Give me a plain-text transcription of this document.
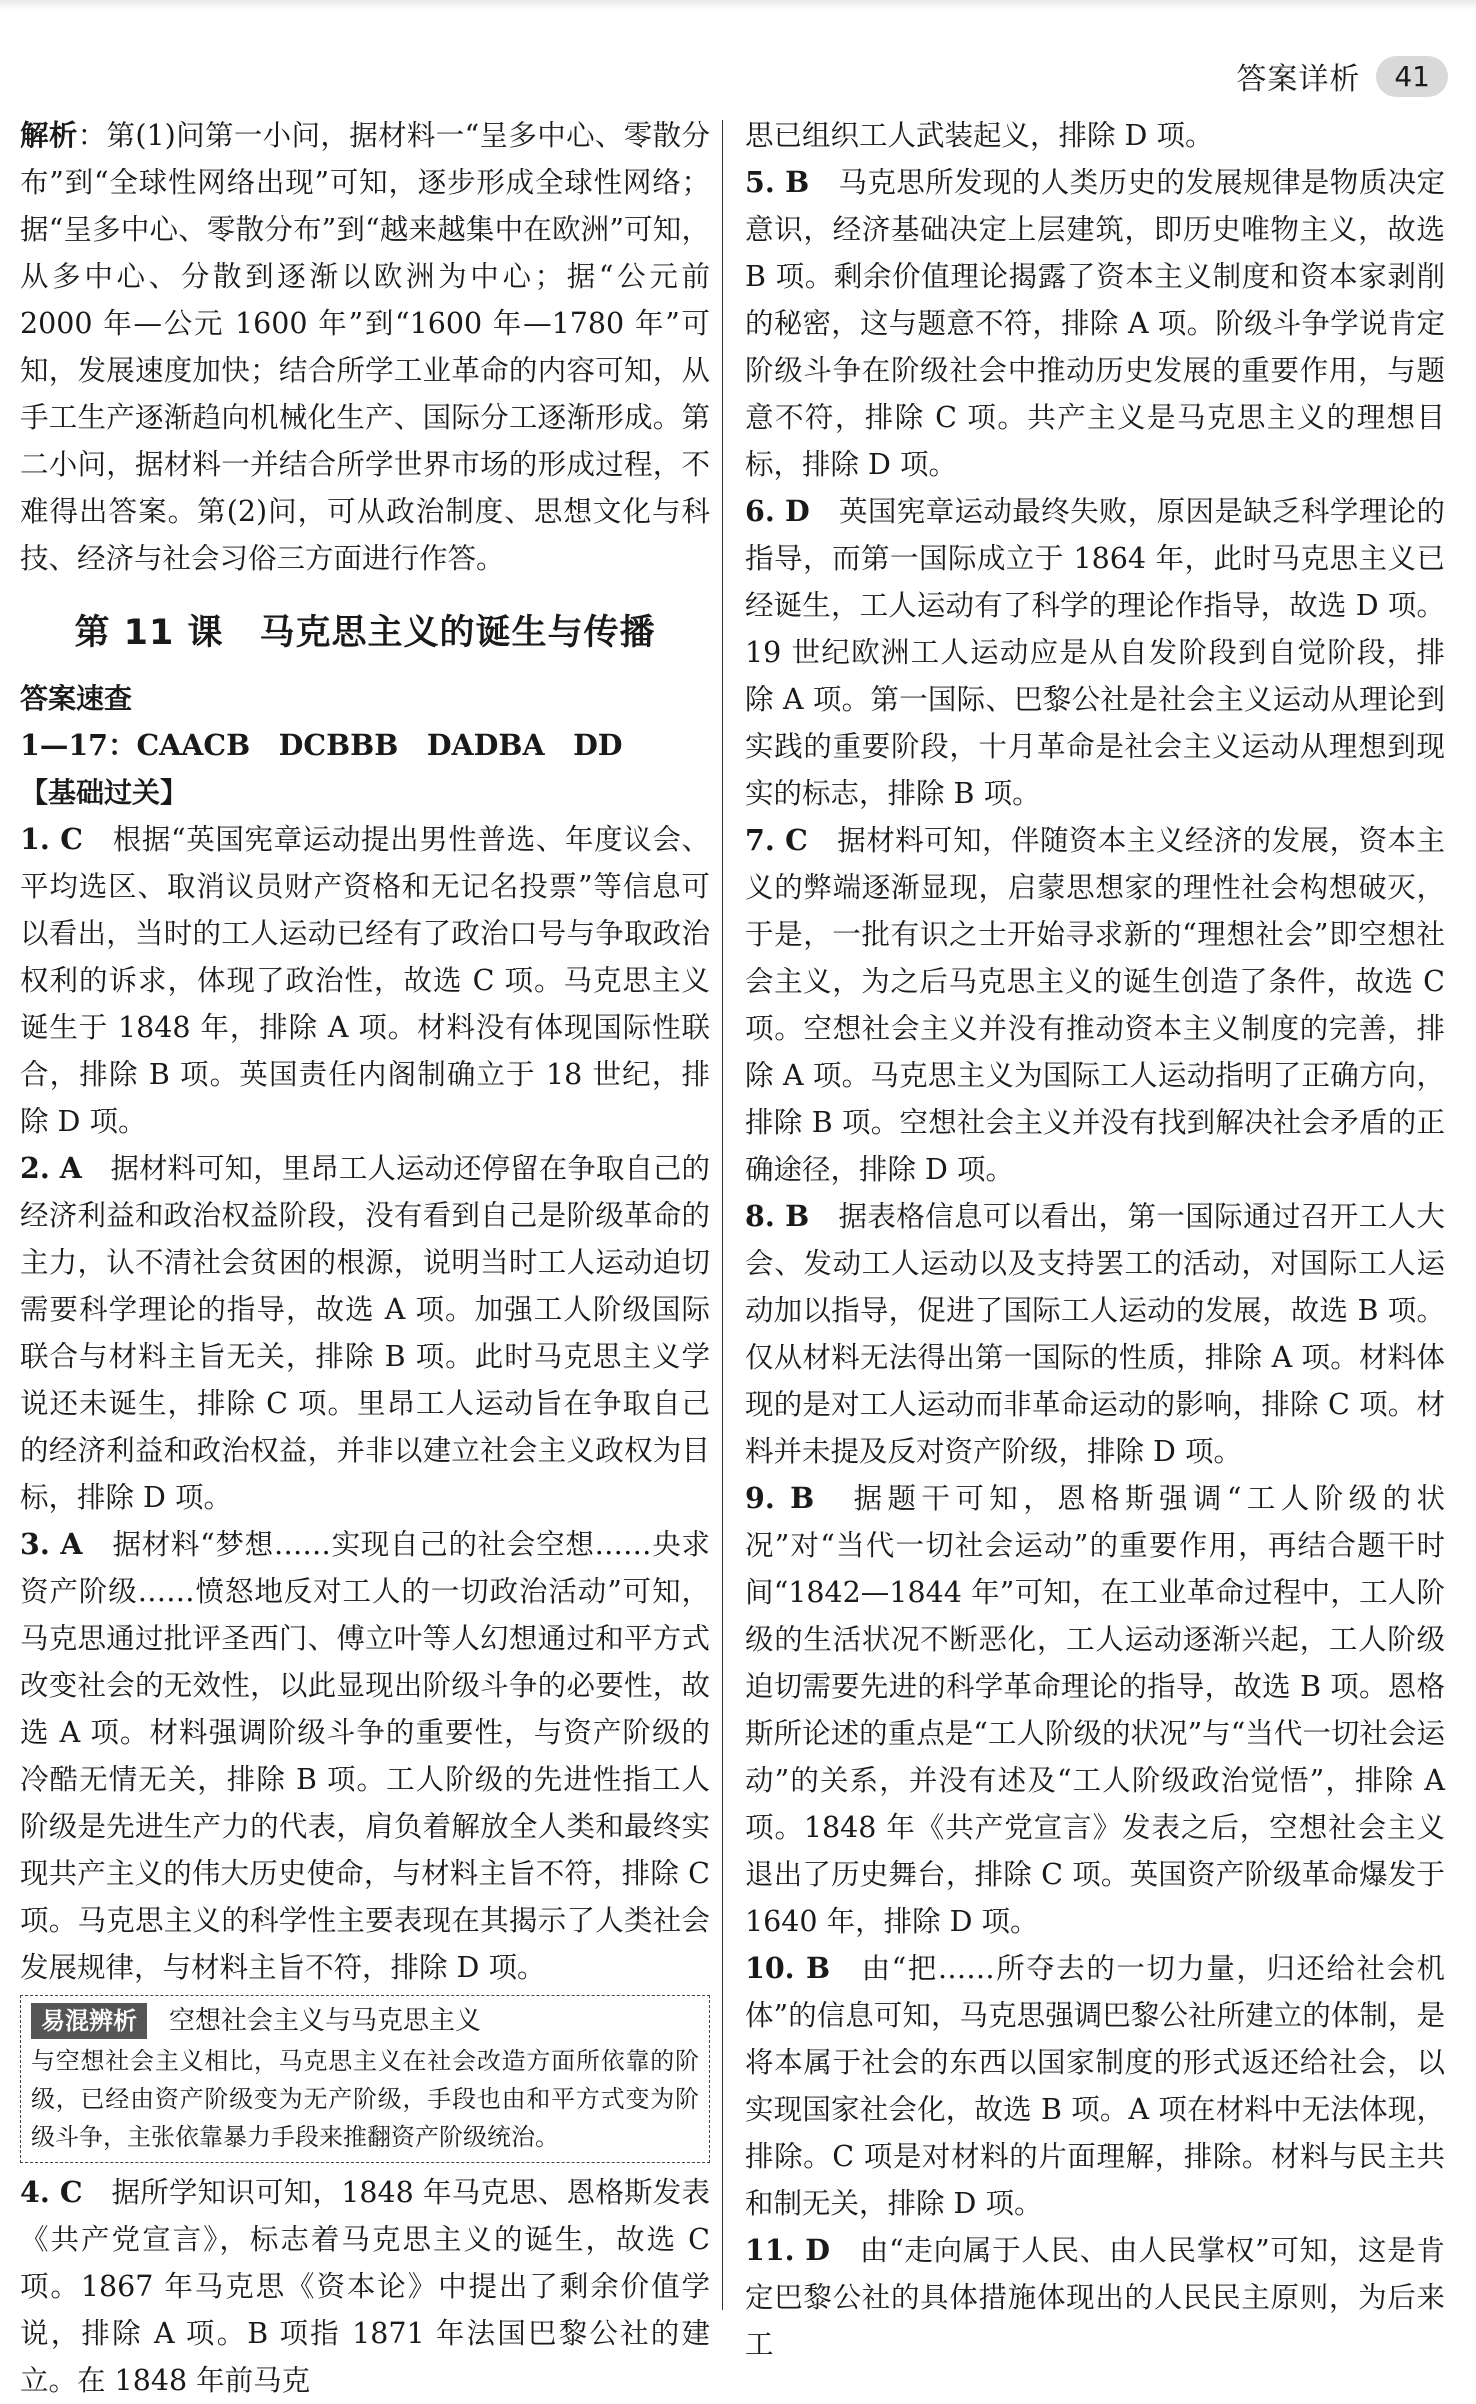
答案详析	41

解析：第(1)问第一小问，据材料一“呈多中心、零散分布”到“全球性网络出现”可知，逐步形成全球性网络；据“呈多中心、零散分布”到“越来越集中在欧洲”可知，从多中心、分散到逐渐以欧洲为中心；据“公元前 2000 年—公元 1600 年”到“1600 年—1780 年”可知，发展速度加快；结合所学工业革命的内容可知，从手工生产逐渐趋向机械化生产、国际分工逐渐形成。第二小问，据材料一并结合所学世界市场的形成过程，不难得出答案。第(2)问，可从政治制度、思想文化与科技、经济与社会习俗三方面进行作答。

第 11 课　马克思主义的诞生与传播

答案速查

1—17：CAACB　DCBBB　DADBA　DD

【基础过关】

1. C　 根据“英国宪章运动提出男性普选、年度议会、平均选区、取消议员财产资格和无记名投票”等信息可以看出，当时的工人运动已经有了政治口号与争取政治权利的诉求，体现了政治性，故选 C 项。马克思主义诞生于 1848 年，排除 A 项。材料没有体现国际性联合，排除 B 项。英国责任内阁制确立于 18 世纪，排除 D 项。

2. A　 据材料可知，里昂工人运动还停留在争取自己的经济利益和政治权益阶段，没有看到自己是阶级革命的主力，认不清社会贫困的根源，说明当时工人运动迫切需要科学理论的指导，故选 A 项。加强工人阶级国际联合与材料主旨无关，排除 B 项。此时马克思主义学说还未诞生，排除 C 项。里昂工人运动旨在争取自己的经济利益和政治权益，并非以建立社会主义政权为目标，排除 D 项。

3. A　 据材料“梦想……实现自己的社会空想……央求资产阶级……愤怒地反对工人的一切政治活动”可知，马克思通过批评圣西门、傅立叶等人幻想通过和平方式改变社会的无效性，以此显现出阶级斗争的必要性，故选 A 项。材料强调阶级斗争的重要性，与资产阶级的冷酷无情无关，排除 B 项。工人阶级的先进性指工人阶级是先进生产力的代表，肩负着解放全人类和最终实现共产主义的伟大历史使命，与材料主旨不符，排除 C 项。马克思主义的科学性主要表现在其揭示了人类社会发展规律，与材料主旨不符，排除 D 项。

易混辨析	空想社会主义与马克思主义
与空想社会主义相比，马克思主义在社会改造方面所依靠的阶级，已经由资产阶级变为无产阶级，手段也由和平方式变为阶级斗争，主张依靠暴力手段来推翻资产阶级统治。

4. C　 据所学知识可知，1848 年马克思、恩格斯发表《共产党宣言》，标志着马克思主义的诞生，故选 C 项。1867 年马克思《资本论》中提出了剩余价值学说，排除 A 项。B 项指 1871 年法国巴黎公社的建立。在 1848 年前马克

思已组织工人武装起义，排除 D 项。

5. B　 马克思所发现的人类历史的发展规律是物质决定意识，经济基础决定上层建筑，即历史唯物主义，故选 B 项。剩余价值理论揭露了资本主义制度和资本家剥削的秘密，这与题意不符，排除 A 项。阶级斗争学说肯定阶级斗争在阶级社会中推动历史发展的重要作用，与题意不符，排除 C 项。共产主义是马克思主义的理想目标，排除 D 项。

6. D　 英国宪章运动最终失败，原因是缺乏科学理论的指导，而第一国际成立于 1864 年，此时马克思主义已经诞生，工人运动有了科学的理论作指导，故选 D 项。19 世纪欧洲工人运动应是从自发阶段到自觉阶段，排除 A 项。第一国际、巴黎公社是社会主义运动从理论到实践的重要阶段，十月革命是社会主义运动从理想到现实的标志，排除 B 项。

7. C　 据材料可知，伴随资本主义经济的发展，资本主义的弊端逐渐显现，启蒙思想家的理性社会构想破灭，于是，一批有识之士开始寻求新的“理想社会”即空想社会主义，为之后马克思主义的诞生创造了条件，故选 C 项。空想社会主义并没有推动资本主义制度的完善，排除 A 项。马克思主义为国际工人运动指明了正确方向，排除 B 项。空想社会主义并没有找到解决社会矛盾的正确途径，排除 D 项。

8. B　 据表格信息可以看出，第一国际通过召开工人大会、发动工人运动以及支持罢工的活动，对国际工人运动加以指导，促进了国际工人运动的发展，故选 B 项。仅从材料无法得出第一国际的性质，排除 A 项。材料体现的是对工人运动而非革命运动的影响，排除 C 项。材料并未提及反对资产阶级，排除 D 项。

9. B　 据题干可知，恩格斯强调“工人阶级的状况”对“当代一切社会运动”的重要作用，再结合题干时间“1842—1844 年”可知，在工业革命过程中，工人阶级的生活状况不断恶化，工人运动逐渐兴起，工人阶级迫切需要先进的科学革命理论的指导，故选 B 项。恩格斯所论述的重点是“工人阶级的状况”与“当代一切社会运动”的关系，并没有述及“工人阶级政治觉悟”，排除 A 项。1848 年《共产党宣言》发表之后，空想社会主义退出了历史舞台，排除 C 项。英国资产阶级革命爆发于 1640 年，排除 D 项。

10. B　 由“把……所夺去的一切力量，归还给社会机体”的信息可知，马克思强调巴黎公社所建立的体制，是将本属于社会的东西以国家制度的形式返还给社会，以实现国家社会化，故选 B 项。A 项在材料中无法体现，排除。C 项是对材料的片面理解，排除。材料与民主共和制无关，排除 D 项。

11. D　 由“走向属于人民、由人民掌权”可知，这是肯定巴黎公社的具体措施体现出的人民民主原则，为后来工
